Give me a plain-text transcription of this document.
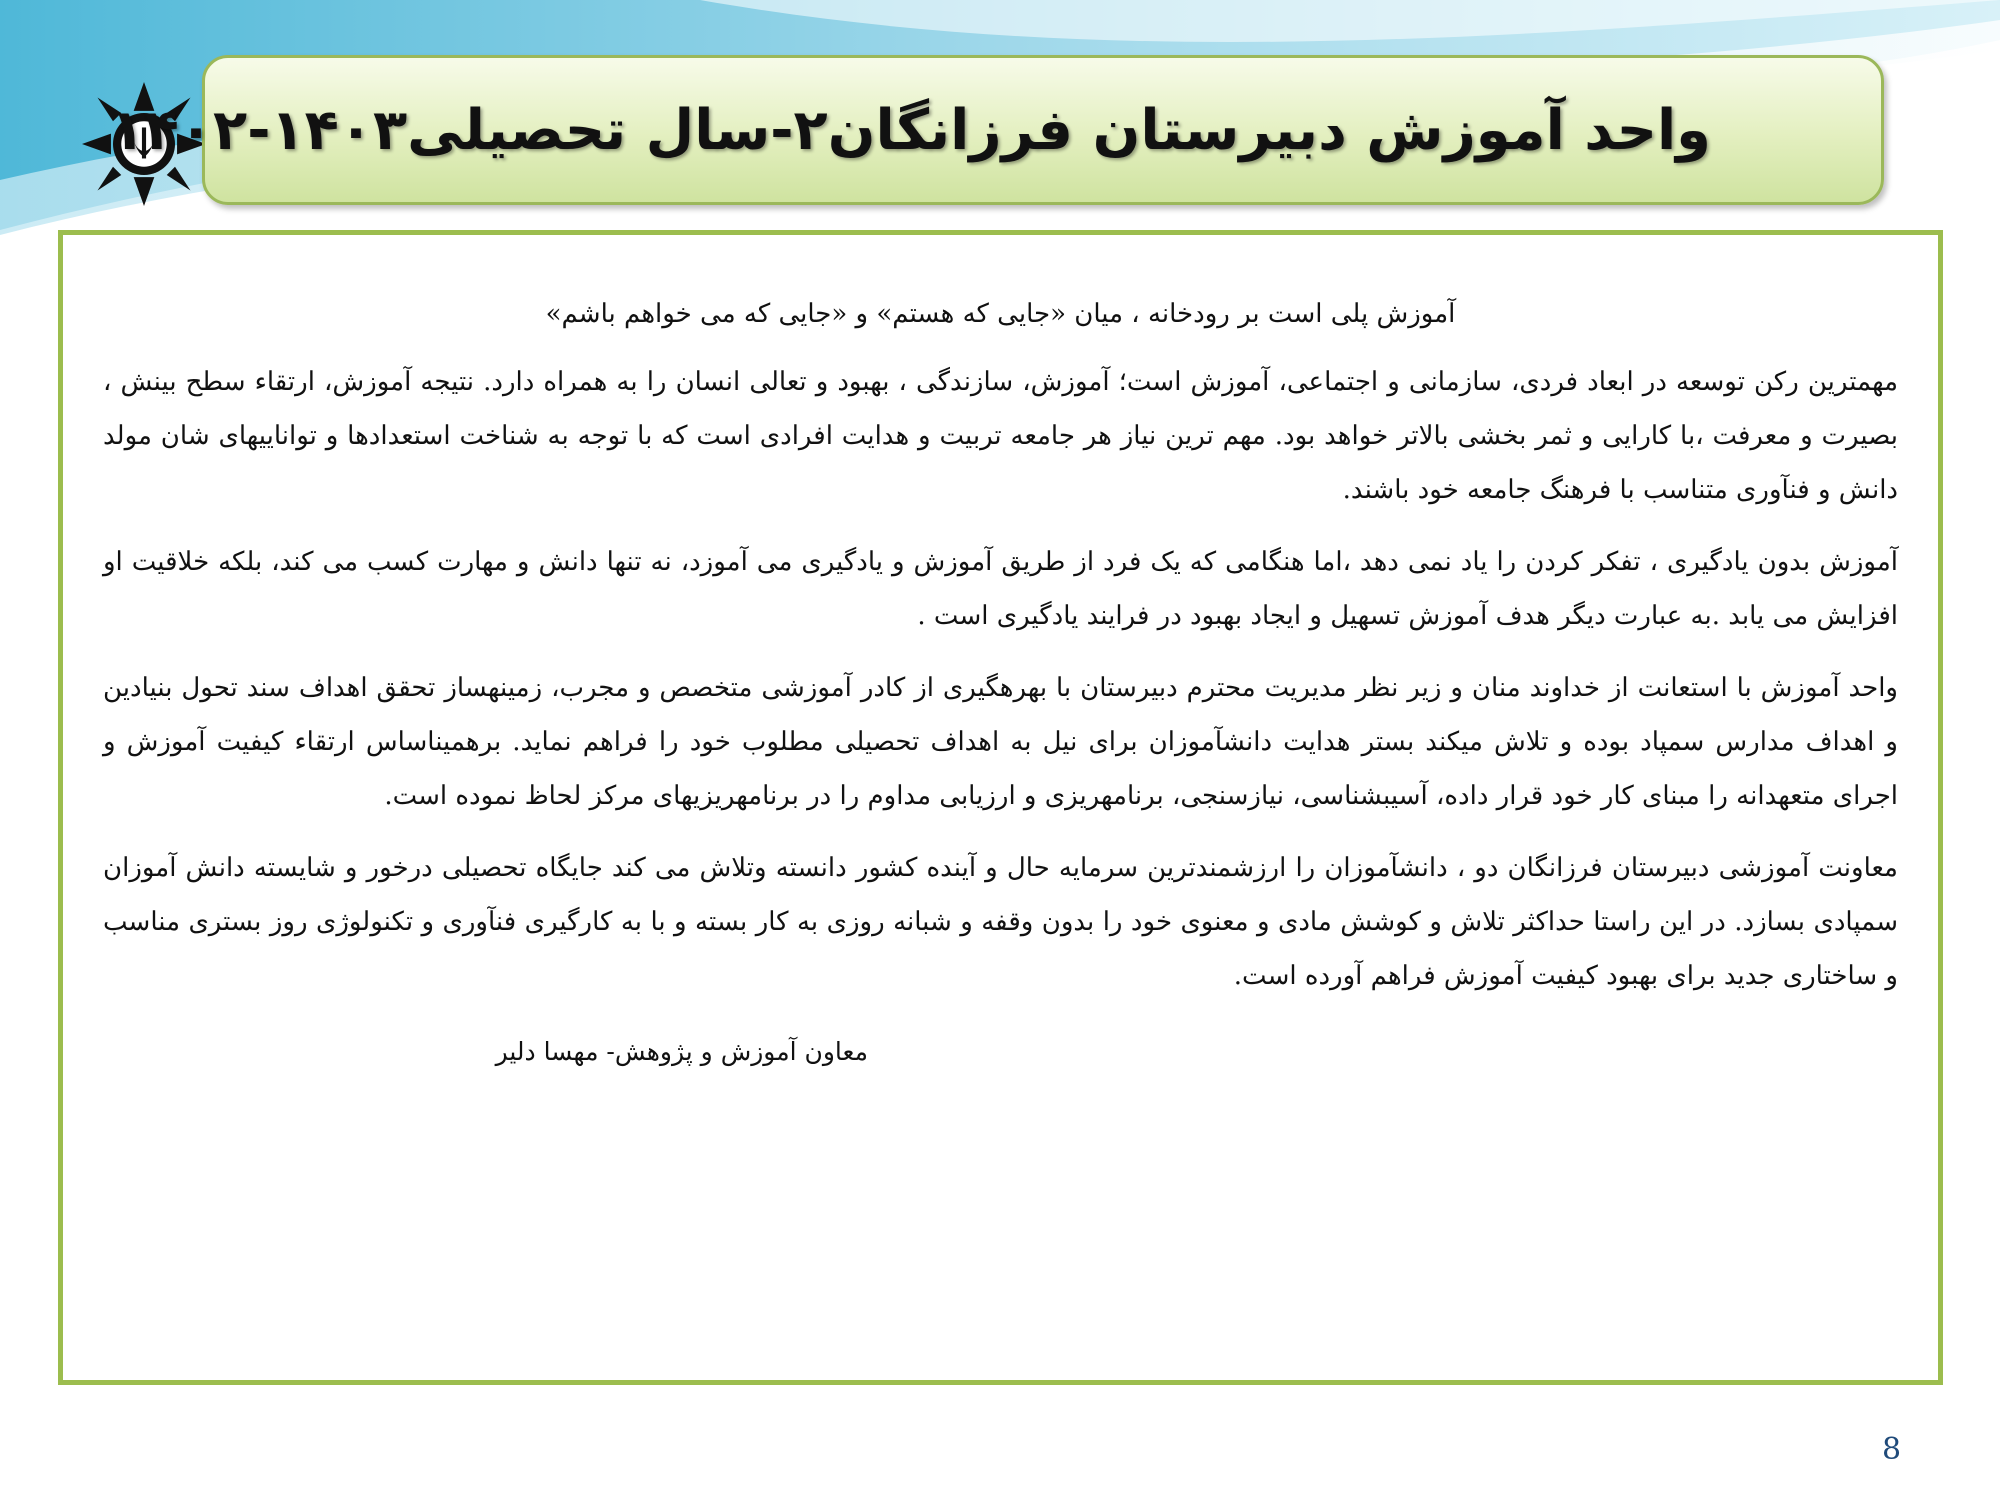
واحد آموزش دبیرستان فرزانگان۲-سال تحصیلی۱۴۰۳-۱۴۰۲

آموزش پلی است بر رودخانه ، میان «جایی که هستم» و «جایی که می خواهم باشم»

مهمترین رکن توسعه در ابعاد فردی، سازمانی و اجتماعی، آموزش است؛ آموزش، سازندگی ، بهبود و تعالی انسان را به همراه دارد. نتیجه آموزش، ارتقاء سطح بینش ، بصیرت و معرفت ،با کارایی و ثمر بخشی بالاتر خواهد بود. مهم ترین نیاز هر جامعه تربیت و هدایت افرادی است که با توجه به شناخت استعدادها و تواناییهای شان مولد دانش و فنآوری متناسب با فرهنگ جامعه خود باشند.

آموزش بدون یادگیری ، تفکر کردن را یاد نمی دهد ،اما هنگامی که یک فرد از طریق آموزش و یادگیری می آموزد، نه تنها دانش و مهارت کسب می کند، بلکه خلاقیت او افزایش می یابد .به عبارت دیگر هدف آموزش تسهیل و ایجاد بهبود در فرایند یادگیری است .

واحد آموزش با استعانت از خداوند منان و زیر نظر مدیریت محترم دبیرستان با بهرهگیری از کادر آموزشی متخصص و مجرب، زمینهساز تحقق اهداف سند تحول بنیادین و اهداف مدارس سمپاد بوده و تلاش میکند بستر هدایت دانشآموزان برای نیل به اهداف تحصیلی مطلوب خود را فراهم نماید. برهمیناساس ارتقاء کیفیت آموزش و اجرای متعهدانه را مبنای کار خود قرار داده، آسیبشناسی، نیازسنجی، برنامهریزی و ارزیابی مداوم را در برنامهریزیهای مرکز لحاظ نموده است.

معاونت آموزشی دبیرستان فرزانگان دو ، دانشآموزان را ارزشمندترین سرمایه حال و آینده کشور دانسته وتلاش می کند جایگاه تحصیلی درخور و شایسته دانش آموزان سمپادی بسازد. در این راستا حداکثر تلاش و کوشش مادی و معنوی خود را بدون وقفه و شبانه روزی به کار بسته و با به کارگیری فنآوری و تکنولوژی روز بستری مناسب و ساختاری جدید برای بهبود کیفیت آموزش فراهم آورده است.

معاون آموزش و پژوهش- مهسا دلیر

8
